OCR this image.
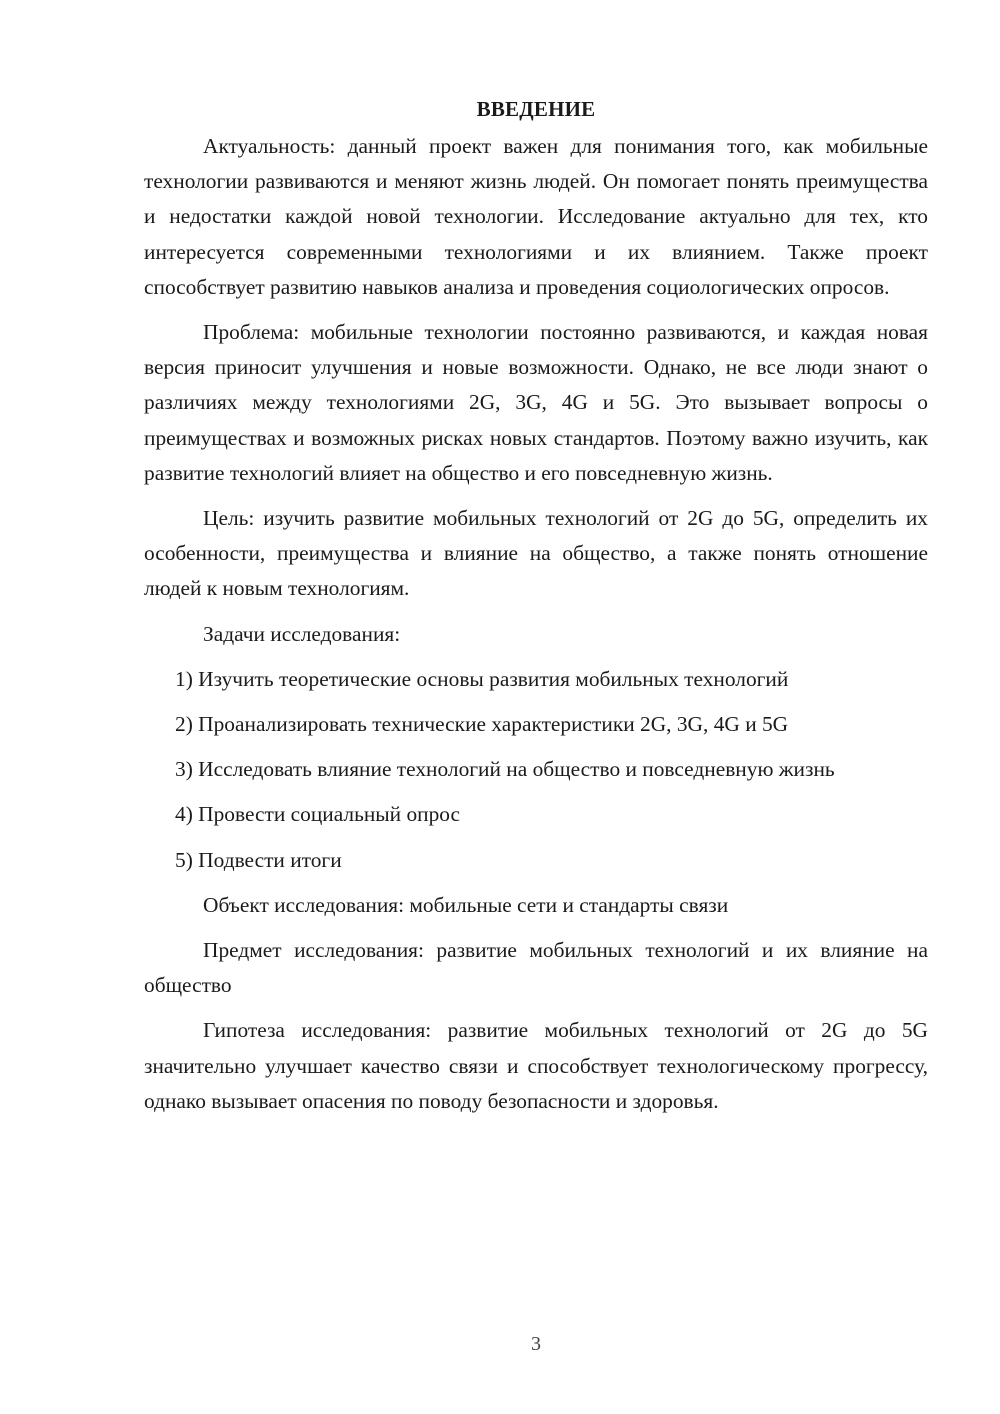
ВВЕДЕНИЕ

Актуальность: данный проект важен для понимания того, как мобильные технологии развиваются и меняют жизнь людей. Он помогает понять преимущества и недостатки каждой новой технологии. Исследование актуально для тех, кто интересуется современными технологиями и их влиянием. Также проект способствует развитию навыков анализа и проведения социологических опросов.

Проблема: мобильные технологии постоянно развиваются, и каждая новая версия приносит улучшения и новые возможности. Однако, не все люди знают о различиях между технологиями 2G, 3G, 4G и 5G. Это вызывает вопросы о преимуществах и возможных рисках новых стандартов. Поэтому важно изучить, как развитие технологий влияет на общество и его повседневную жизнь.

Цель: изучить развитие мобильных технологий от 2G до 5G, определить их особенности, преимущества и влияние на общество, а также понять отношение людей к новым технологиям.

Задачи исследования:

1) Изучить теоретические основы развития мобильных технологий

2) Проанализировать технические характеристики 2G, 3G, 4G и 5G

3) Исследовать влияние технологий на общество и повседневную жизнь

4) Провести социальный опрос

5) Подвести итоги

Объект исследования: мобильные сети и стандарты связи

Предмет исследования: развитие мобильных технологий и их влияние на общество

Гипотеза исследования: развитие мобильных технологий от 2G до 5G значительно улучшает качество связи и способствует технологическому прогрессу, однако вызывает опасения по поводу безопасности и здоровья.

3
